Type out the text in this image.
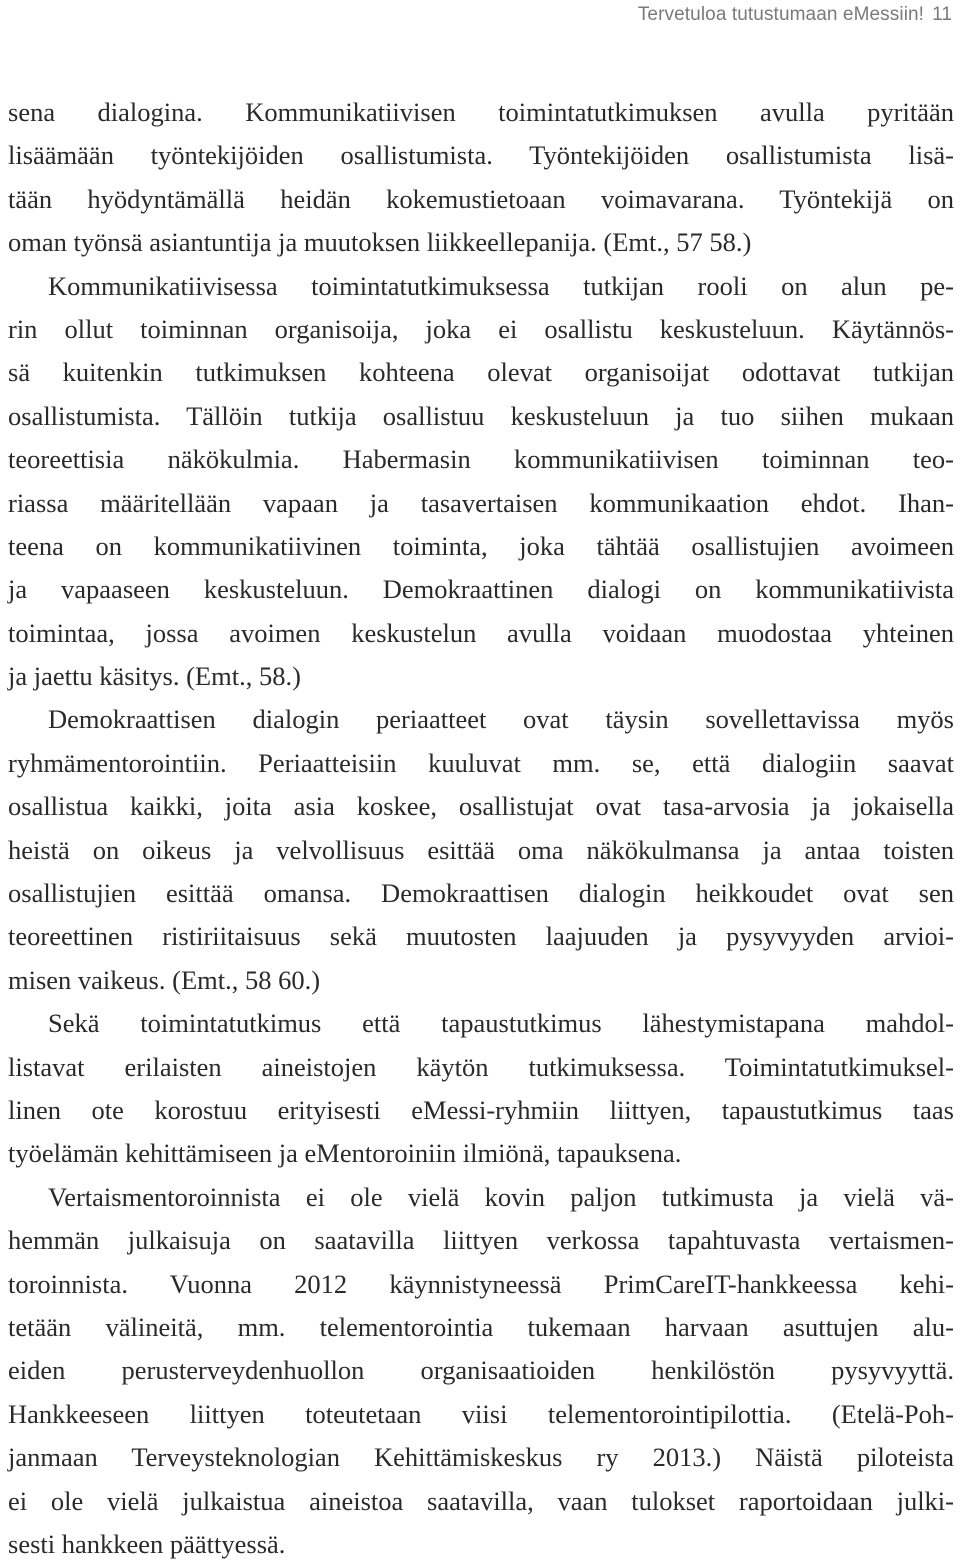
Tervetuloa tutustumaan eMessiin! 11
sena dialogina. Kommunikatiivisen toimintatutkimuksen avulla pyritään
lisäämään työntekijöiden osallistumista. Työntekijöiden osallistumista lisä-
tään hyödyntämällä heidän kokemustietoaan voimavarana. Työntekijä on
oman työnsä asiantuntija ja muutoksen liikkeellepanija. (Emt., 57 58.)
Kommunikatiivisessa toimintatutkimuksessa tutkijan rooli on alun pe-
rin ollut toiminnan organisoija, joka ei osallistu keskusteluun. Käytännös-
sä kuitenkin tutkimuksen kohteena olevat organisoijat odottavat tutkijan
osallistumista. Tällöin tutkija osallistuu keskusteluun ja tuo siihen mukaan
teoreettisia näkökulmia. Habermasin kommunikatiivisen toiminnan teo-
riassa määritellään vapaan ja tasavertaisen kommunikaation ehdot. Ihan-
teena on kommunikatiivinen toiminta, joka tähtää osallistujien avoimeen
ja vapaaseen keskusteluun. Demokraattinen dialogi on kommunikatiivista
toimintaa, jossa avoimen keskustelun avulla voidaan muodostaa yhteinen
ja jaettu käsitys. (Emt., 58.)
Demokraattisen dialogin periaatteet ovat täysin sovellettavissa myös
ryhmämentorointiin. Periaatteisiin kuuluvat mm. se, että dialogiin saavat
osallistua kaikki, joita asia koskee, osallistujat ovat tasa-arvosia ja jokaisella
heistä on oikeus ja velvollisuus esittää oma näkökulmansa ja antaa toisten
osallistujien esittää omansa. Demokraattisen dialogin heikkoudet ovat sen
teoreettinen ristiriitaisuus sekä muutosten laajuuden ja pysyvyyden arvioi-
misen vaikeus. (Emt., 58 60.)
Sekä toimintatutkimus että tapaustutkimus lähestymistapana mahdol-
listavat erilaisten aineistojen käytön tutkimuksessa. Toimintatutkimuksel-
linen ote korostuu erityisesti eMessi-ryhmiin liittyen, tapaustutkimus taas
työelämän kehittämiseen ja eMentoroiniin ilmiönä, tapauksena.
Vertaismentoroinnista ei ole vielä kovin paljon tutkimusta ja vielä vä-
hemmän julkaisuja on saatavilla liittyen verkossa tapahtuvasta vertaismen-
toroinnista. Vuonna 2012 käynnistyneessä PrimCareIT-hankkeessa kehi-
tetään välineitä, mm. telementorointia tukemaan harvaan asuttujen alu-
eiden perusterveydenhuollon organisaatioiden henkilöstön pysyvyyttä.
Hankkeeseen liittyen toteutetaan viisi telementorointipilottia. (Etelä-Poh-
janmaan Terveysteknologian Kehittämiskeskus ry 2013.) Näistä piloteista
ei ole vielä julkaistua aineistoa saatavilla, vaan tulokset raportoidaan julki-
sesti hankkeen päättyessä.
